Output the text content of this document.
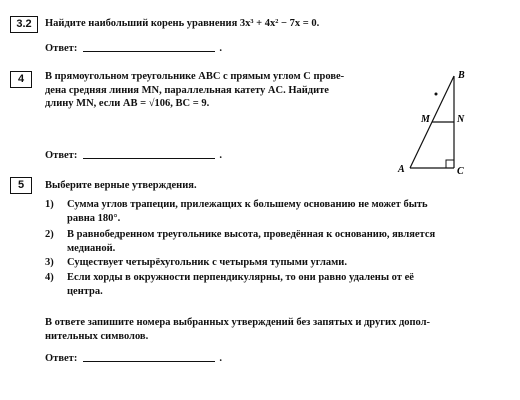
3.2	Найдите наибольший корень уравнения 3x³ + 4x² − 7x = 0.
Ответ:	.
4	В прямоугольном треугольнике ABC с прямым углом C прове-
дена средняя линия MN, параллельная катету AC. Найдите
длину MN, если AB = √106, BC = 9.
A
B
C
M	N
Ответ:	.
5	Выберите верные утверждения.
1) Сумма углов трапеции, прилежащих к большему основанию не может быть
равна 180°.
2) В равнобедренном треугольнике высота, проведённая к основанию, является
медианой.
3) Существует четырёхугольник с четырьмя тупыми углами.
4) Если хорды в окружности перпендикулярны, то они равно удалены от её
центра.
В ответе запишите номера выбранных утверждений без запятых и других допол-
нительных символов.
Ответ:	.
